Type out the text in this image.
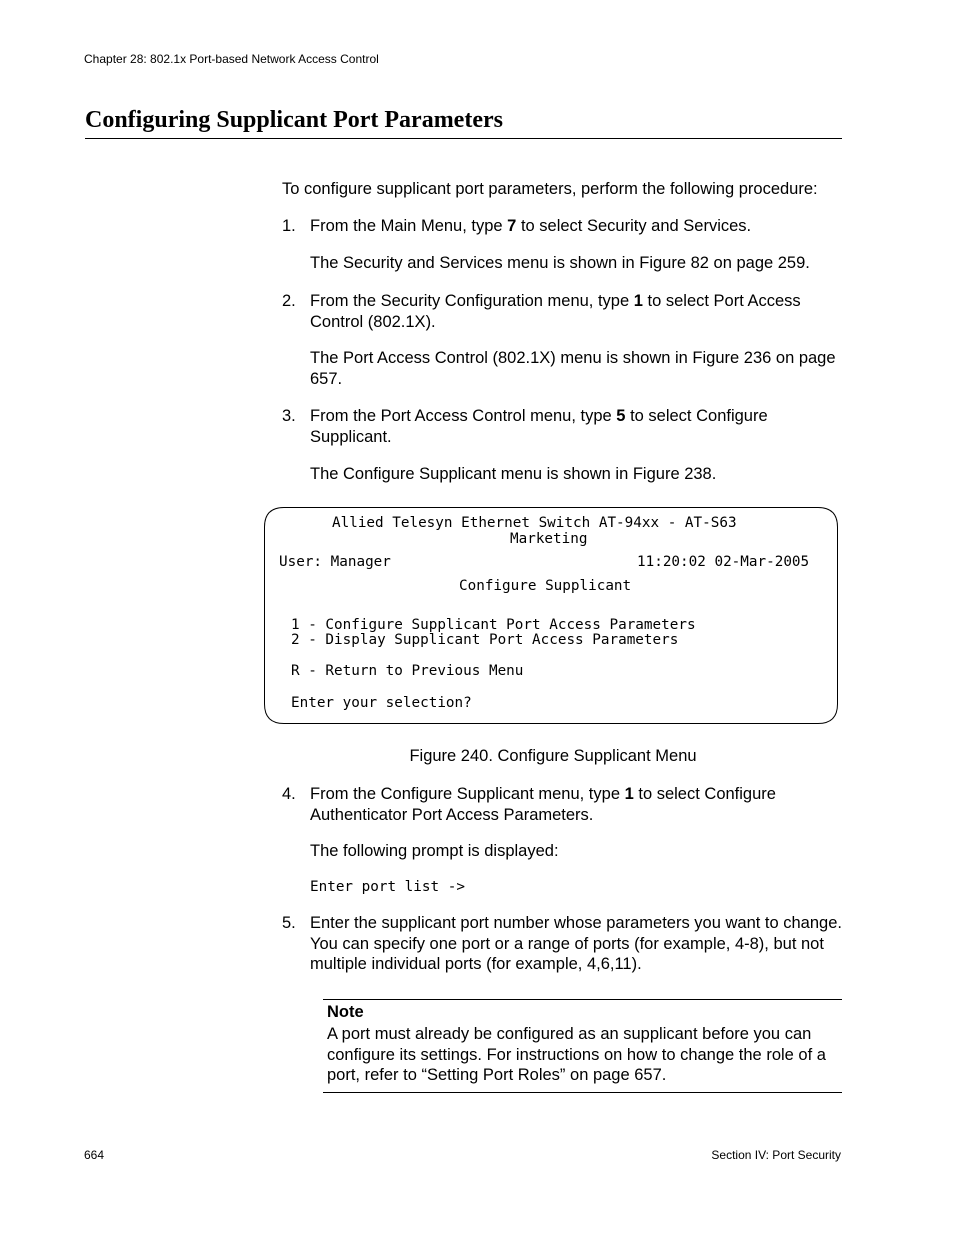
Chapter 28: 802.1x Port-based Network Access Control
Configuring Supplicant Port Parameters

To configure supplicant port parameters, perform the following procedure:

1. From the Main Menu, type 7 to select Security and Services.

The Security and Services menu is shown in Figure 82 on page 259.

2. From the Security Configuration menu, type 1 to select Port Access Control (802.1X).

The Port Access Control (802.1X) menu is shown in Figure 236 on page 657.

3. From the Port Access Control menu, type 5 to select Configure Supplicant.

The Configure Supplicant menu is shown in Figure 238.

Allied Telesyn Ethernet Switch AT-94xx - AT-S63
Marketing
User: Manager	11:20:02 02-Mar-2005
Configure Supplicant
1 - Configure Supplicant Port Access Parameters
2 - Display Supplicant Port Access Parameters
R - Return to Previous Menu
Enter your selection?

Figure 240. Configure Supplicant Menu

4. From the Configure Supplicant menu, type 1 to select Configure Authenticator Port Access Parameters.

The following prompt is displayed:

Enter port list ->

5. Enter the supplicant port number whose parameters you want to change. You can specify one port or a range of ports (for example, 4-8), but not multiple individual ports (for example, 4,6,11).

Note
A port must already be configured as an supplicant before you can configure its settings. For instructions on how to change the role of a port, refer to “Setting Port Roles” on page 657.
664	Section IV: Port Security
